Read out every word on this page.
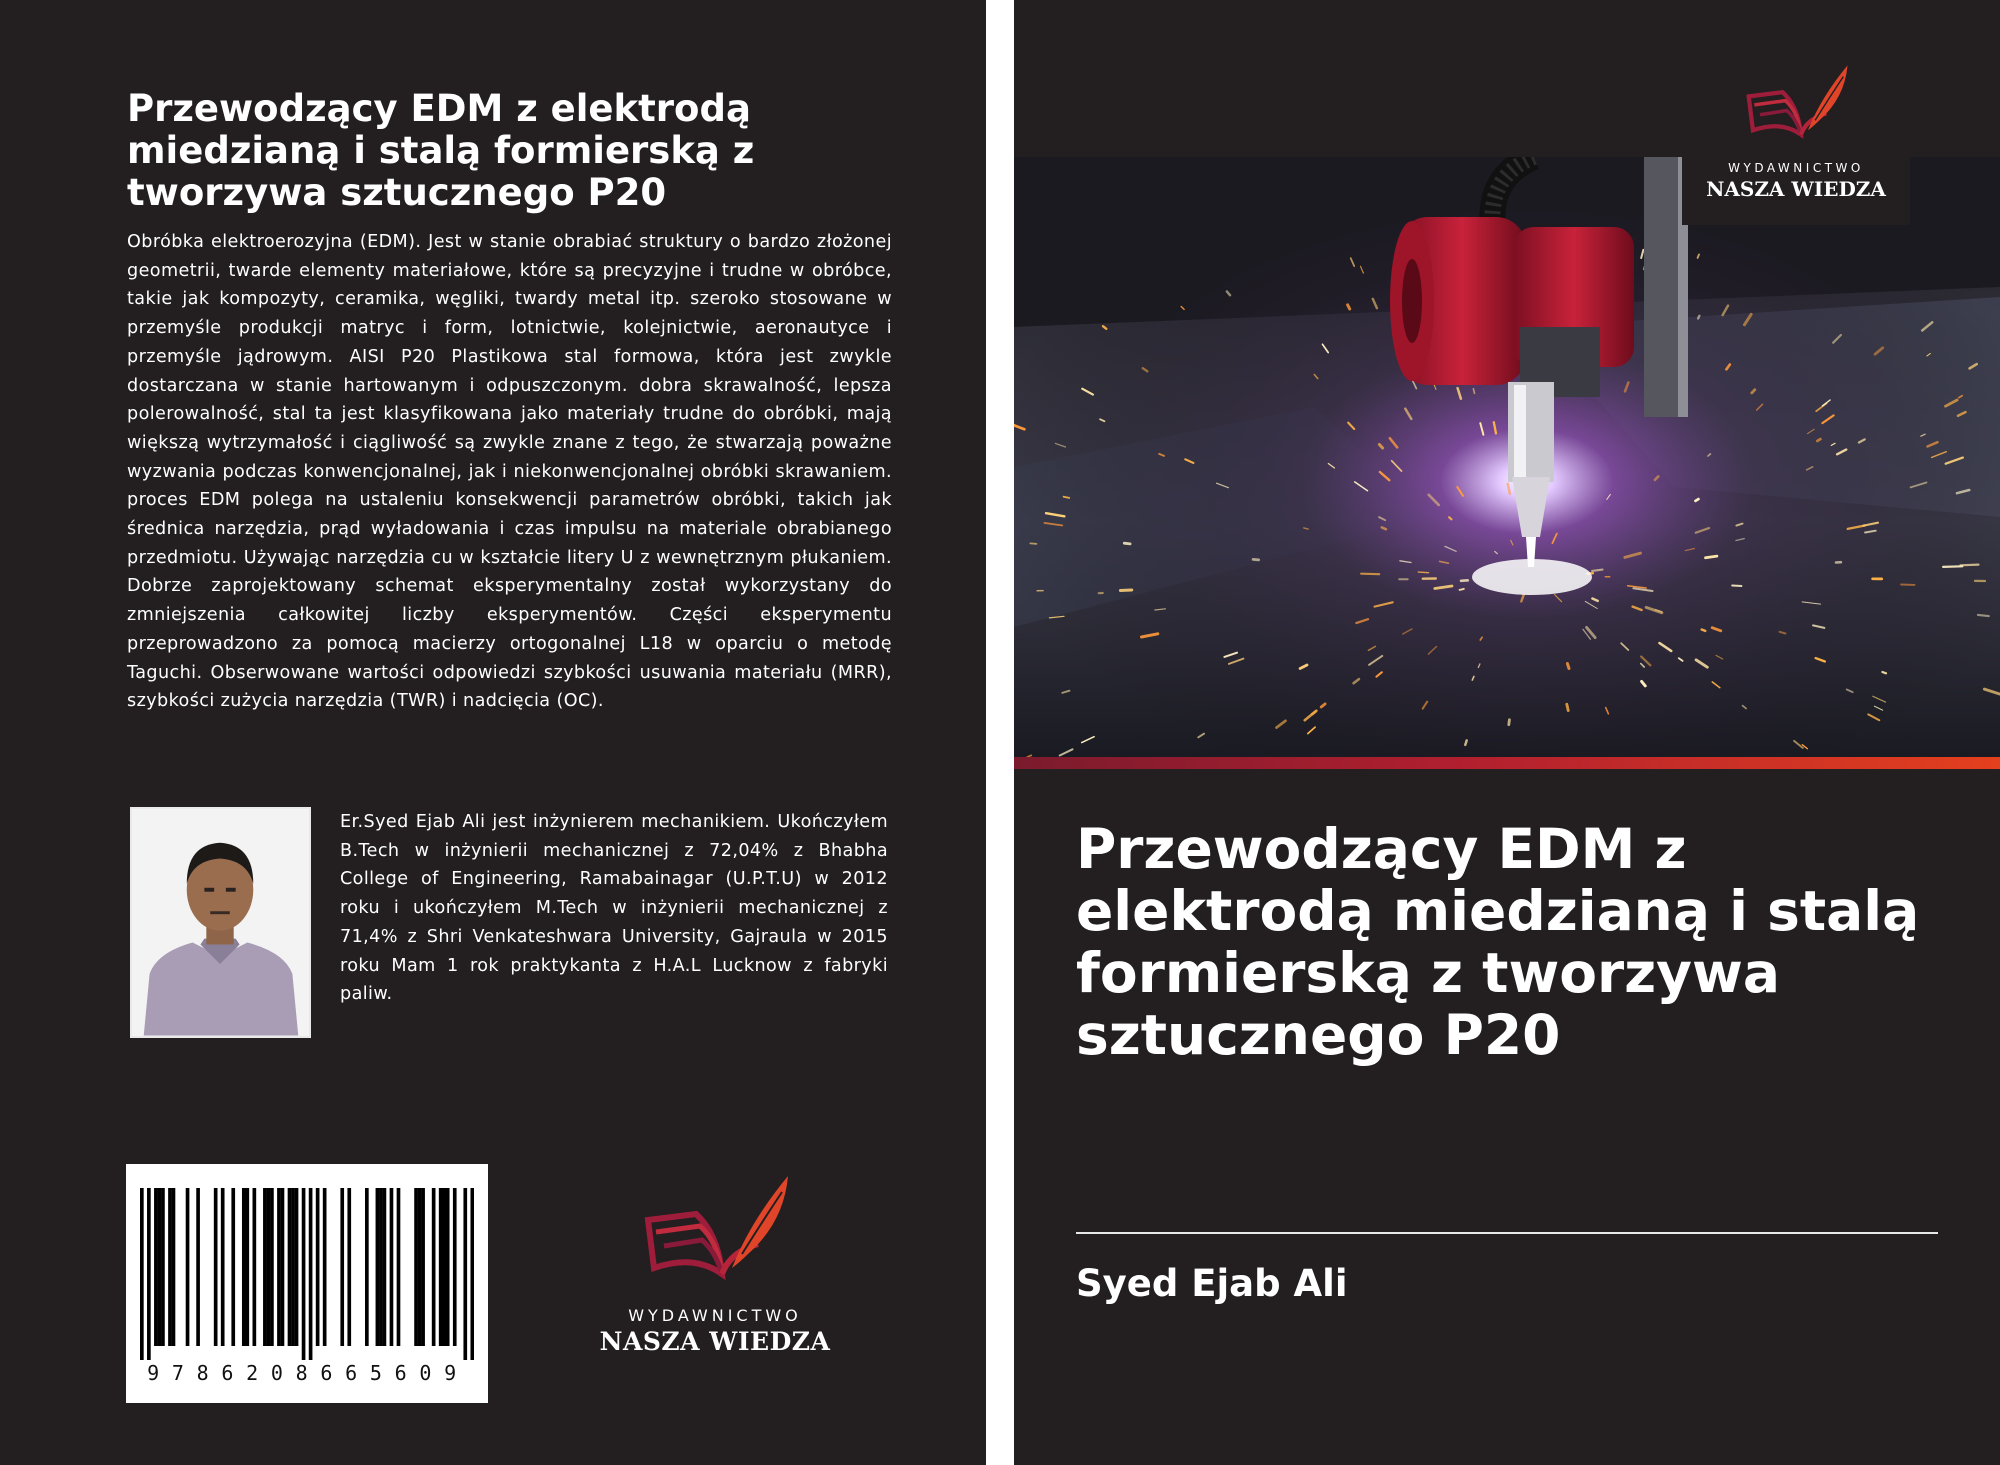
Przewodzący EDM z elektrodą miedzianą i stalą formierską z tworzywa sztucznego P20

Obróbka elektroerozyjna (EDM). Jest w stanie obrabiać struktury o bardzo złożonej geometrii, twarde elementy materiałowe, które są precyzyjne i trudne w obróbce, takie jak kompozyty, ceramika, węgliki, twardy metal itp. szeroko stosowane w przemyśle produkcji matryc i form, lotnictwie, kolejnictwie, aeronautyce i przemyśle jądrowym. AISI P20 Plastikowa stal formowa, która jest zwykle dostarczana w stanie hartowanym i odpuszczonym. dobra skrawalność, lepsza polerowalność, stal ta jest klasyfikowana jako materiały trudne do obróbki, mają większą wytrzymałość i ciągliwość są zwykle znane z tego, że stwarzają poważne wyzwania podczas konwencjonalnej, jak i niekonwencjonalnej obróbki skrawaniem. proces EDM polega na ustaleniu konsekwencji parametrów obróbki, takich jak średnica narzędzia, prąd wyładowania i czas impulsu na materiale obrabianego przedmiotu. Używając narzędzia cu w kształcie litery U z wewnętrznym płukaniem. Dobrze zaprojektowany schemat eksperymentalny został wykorzystany do zmniejszenia całkowitej liczby eksperymentów. Części eksperymentu przeprowadzono za pomocą macierzy ortogonalnej L18 w oparciu o metodę Taguchi. Obserwowane wartości odpowiedzi szybkości usuwania materiału (MRR), szybkości zużycia narzędzia (TWR) i nadcięcia (OC).

Er.Syed Ejab Ali jest inżynierem mechanikiem. Ukończyłem B.Tech w inżynierii mechanicznej z 72,04% z Bhabha College of Engineering, Ramabainagar (U.P.T.U) w 2012 roku i ukończyłem M.Tech w inżynierii mechanicznej z 71,4% z Shri Venkateshwara University, Gajraula w 2015 roku Mam 1 rok praktykanta z H.A.L Lucknow z fabryki paliw.

9786208665609
WYDAWNICTWO
NASZA WIEDZA
WYDAWNICTWO
NASZA WIEDZA
Przewodzący EDM z elektrodą miedzianą i stalą formierską z tworzywa sztucznego P20

Syed Ejab Ali
